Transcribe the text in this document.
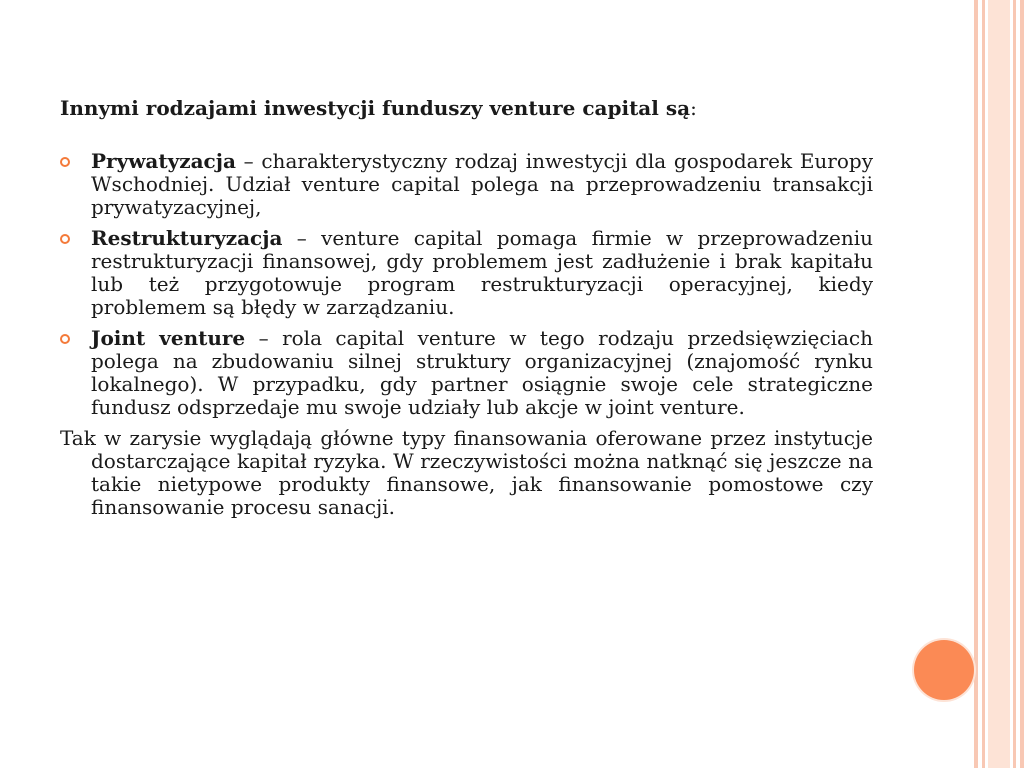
Innymi rodzajami inwestycji funduszy venture capital są:

Prywatyzacja – charakterystyczny rodzaj inwestycji dla gospodarek Europy Wschodniej. Udział venture capital polega na przeprowadzeniu transakcji prywatyzacyjnej,
Restrukturyzacja – venture capital pomaga firmie w przeprowadzeniu restrukturyzacji finansowej, gdy problemem jest zadłużenie i brak kapitału lub też przygotowuje program restrukturyzacji operacyjnej, kiedy problemem są błędy w zarządzaniu.
Joint venture – rola capital venture w tego rodzaju przedsięwzięciach polega na zbudowaniu silnej struktury organizacyjnej (znajomość rynku lokalnego). W przypadku, gdy partner osiągnie swoje cele strategiczne fundusz odsprzedaje mu swoje udziały lub akcje w joint venture.

Tak w zarysie wyglądają główne typy finansowania oferowane przez instytucje dostarczające kapitał ryzyka. W rzeczywistości można natknąć się jeszcze na takie nietypowe produkty finansowe, jak finansowanie pomostowe czy finansowanie procesu sanacji.
